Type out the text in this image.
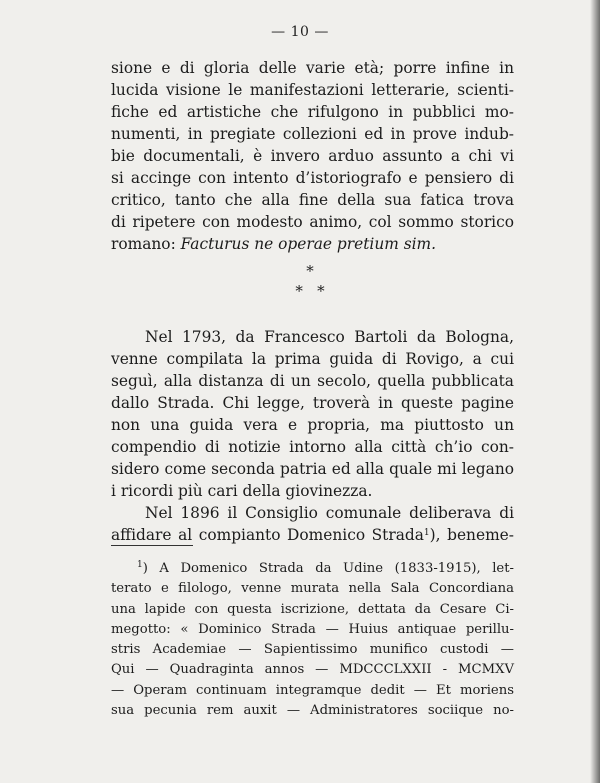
— 10 —
sione e di gloria delle varie età; porre infine in
lucida visione le manifestazioni letterarie, scienti-
fiche ed artistiche che rifulgono in pubblici mo-
numenti, in pregiate collezioni ed in prove indub-
bie documentali, è invero arduo assunto a chi vi
si accinge con intento d’istoriografo e pensiero di
critico, tanto che alla fine della sua fatica trova
di ripetere con modesto animo, col sommo storico
romano: Facturus ne operae pretium sim.
*
*   *
Nel 1793, da Francesco Bartoli da Bologna,
venne compilata la prima guida di Rovigo, a cui
seguì, alla distanza di un secolo, quella pubblicata
dallo Strada. Chi legge, troverà in queste pagine
non una guida vera e propria, ma piuttosto un
compendio di notizie intorno alla città ch’io con-
sidero come seconda patria ed alla quale mi legano
i ricordi più cari della giovinezza.
Nel 1896 il Consiglio comunale deliberava di
affidare al compianto Domenico Strada$^1$), beneme-
$^1$) A Domenico Strada da Udine (1833-1915), let-
terato e filologo, venne murata nella Sala Concordiana
una lapide con questa iscrizione, dettata da Cesare Ci-
megotto: « Dominico Strada — Huius antiquae perillu-
stris Academiae — Sapientissimo munifico custodi —
Qui — Quadraginta annos — MDCCCLXXII - MCMXV
— Operam continuam integramque dedit — Et moriens
sua pecunia rem auxit — Administratores sociique no-
